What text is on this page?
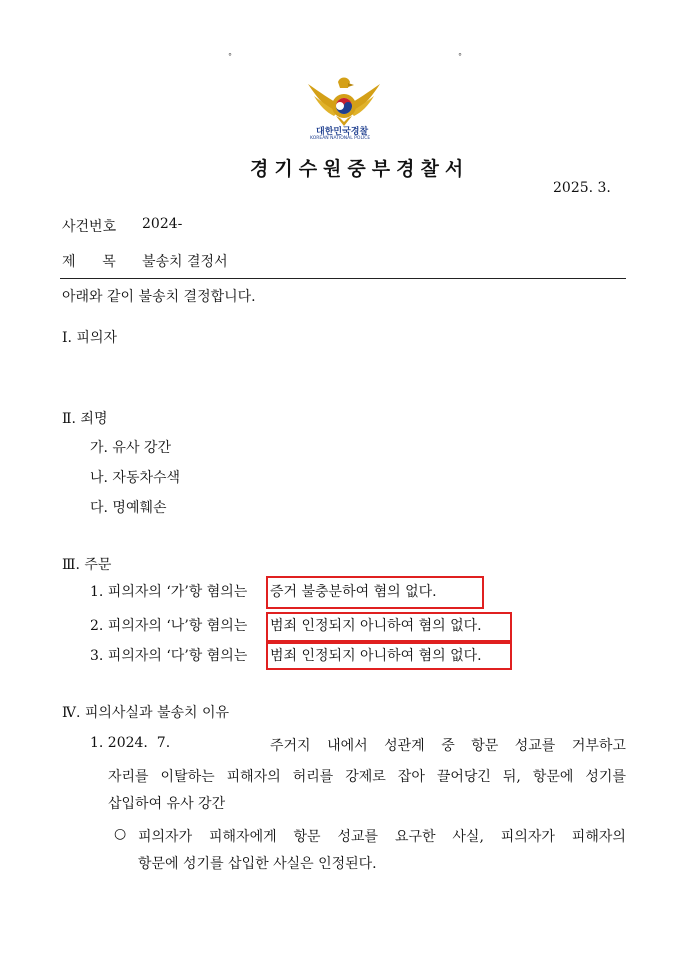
°	°
대한민국경찰
KOREAN NATIONAL POLICE
경기수원중부경찰서
2025. 3.
사건번호 2024-
제      목 불송치 결정서
아래와 같이 불송치 결정합니다.
Ⅰ. 피의자
Ⅱ. 죄명
가. 유사 강간
나. 자동차수색
다. 명예훼손
Ⅲ. 주문
1. 피의자의 ‘가’항 혐의는 증거 불충분하여 혐의 없다.
2. 피의자의 ‘나’항 혐의는 범죄 인정되지 아니하여 혐의 없다.
3. 피의자의 ‘다’항 혐의는 범죄 인정되지 아니하여 혐의 없다.
Ⅳ. 피의사실과 불송치 이유
1. 2024.  7.	주거지 내에서 성관계 중 항문 성교를 거부하고
자리를 이탈하는 피해자의 허리를 강제로 잡아 끌어당긴 뒤, 항문에 성기를
삽입하여 유사 강간
○ 피의자가 피해자에게 항문 성교를 요구한 사실, 피의자가 피해자의
항문에 성기를 삽입한 사실은 인정된다.
